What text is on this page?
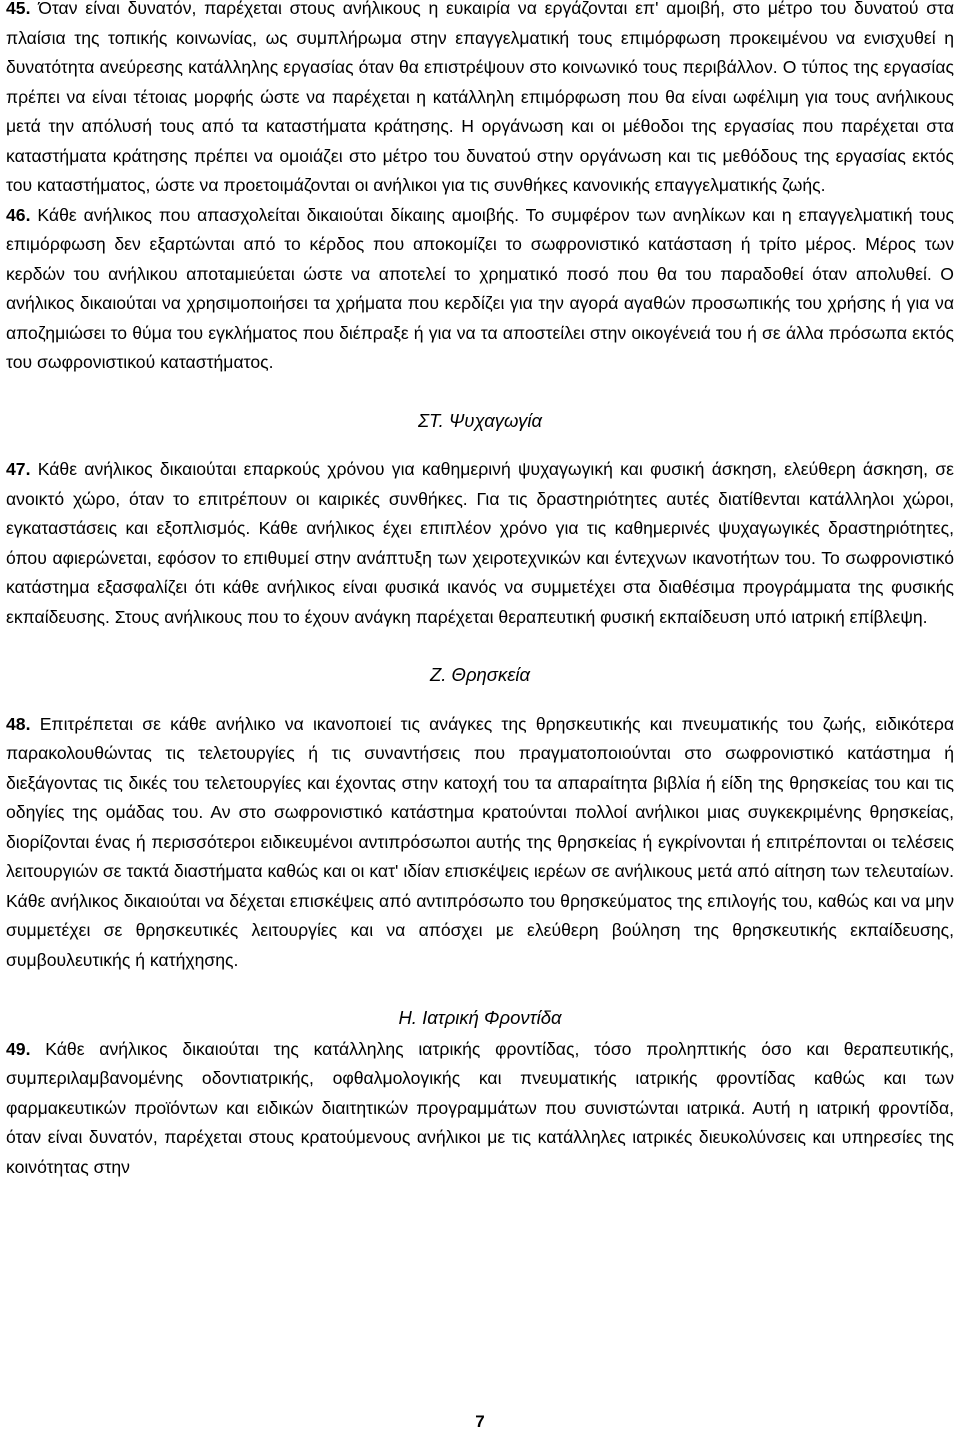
45. Όταν είναι δυνατόν, παρέχεται στους ανήλικους η ευκαιρία να εργάζονται επ' αμοιβή, στο μέτρο του δυνατού στα πλαίσια της τοπικής κοινωνίας, ως συμπλήρωμα στην επαγγελματική τους επιμόρφωση προκειμένου να ενισχυθεί η δυνατότητα ανεύρεσης κατάλληλης εργασίας όταν θα επιστρέψουν στο κοινωνικό τους περιβάλλον. Ο τύπος της εργασίας πρέπει να είναι τέτοιας μορφής ώστε να παρέχεται η κατάλληλη επιμόρφωση που θα είναι ωφέλιμη για τους ανήλικους μετά την απόλυσή τους από τα καταστήματα κράτησης. Η οργάνωση και οι μέθοδοι της εργασίας που παρέχεται στα καταστήματα κράτησης πρέπει να ομοιάζει στο μέτρο του δυνατού στην οργάνωση και τις μεθόδους της εργασίας εκτός του καταστήματος, ώστε να προετοιμάζονται οι ανήλικοι για τις συνθήκες κανονικής επαγγελματικής ζωής.

46. Κάθε ανήλικος που απασχολείται δικαιούται δίκαιης αμοιβής. Το συμφέρον των ανηλίκων και η επαγγελματική τους επιμόρφωση δεν εξαρτώνται από το κέρδος που αποκομίζει το σωφρονιστικό κατάσταση ή τρίτο μέρος. Μέρος των κερδών του ανήλικου αποταμιεύεται ώστε να αποτελεί το χρηματικό ποσό που θα του παραδοθεί όταν απολυθεί. Ο ανήλικος δικαιούται να χρησιμοποιήσει τα χρήματα που κερδίζει για την αγορά αγαθών προσωπικής του χρήσης ή για να αποζημιώσει το θύμα του εγκλήματος που διέπραξε ή για να τα αποστείλει στην οικογένειά του ή σε άλλα πρόσωπα εκτός του σωφρονιστικού καταστήματος.

ΣΤ. Ψυχαγωγία

47. Κάθε ανήλικος δικαιούται επαρκούς χρόνου για καθημερινή ψυχαγωγική και φυσική άσκηση, ελεύθερη άσκηση, σε ανοικτό χώρο, όταν το επιτρέπουν οι καιρικές συνθήκες. Για τις δραστηριότητες αυτές διατίθενται κατάλληλοι χώροι, εγκαταστάσεις και εξοπλισμός. Κάθε ανήλικος έχει επιπλέον χρόνο για τις καθημερινές ψυχαγωγικές δραστηριότητες, όπου αφιερώνεται, εφόσον το επιθυμεί στην ανάπτυξη των χειροτεχνικών και έντεχνων ικανοτήτων του. Το σωφρονιστικό κατάστημα εξασφαλίζει ότι κάθε ανήλικος είναι φυσικά ικανός να συμμετέχει στα διαθέσιμα προγράμματα της φυσικής εκπαίδευσης. Στους ανήλικους που το έχουν ανάγκη παρέχεται θεραπευτική φυσική εκπαίδευση υπό ιατρική επίβλεψη.

Ζ. Θρησκεία

48. Επιτρέπεται σε κάθε ανήλικο να ικανοποιεί τις ανάγκες της θρησκευτικής και πνευματικής του ζωής, ειδικότερα παρακολουθώντας τις τελετουργίες ή τις συναντήσεις που πραγματοποιούνται στο σωφρονιστικό κατάστημα ή διεξάγοντας τις δικές του τελετουργίες και έχοντας στην κατοχή του τα απαραίτητα βιβλία ή είδη της θρησκείας του και τις οδηγίες της ομάδας του. Αν στο σωφρονιστικό κατάστημα κρατούνται πολλοί ανήλικοι μιας συγκεκριμένης θρησκείας, διορίζονται ένας ή περισσότεροι ειδικευμένοι αντιπρόσωποι αυτής της θρησκείας ή εγκρίνονται ή επιτρέπονται οι τελέσεις λειτουργιών σε τακτά διαστήματα καθώς και οι κατ' ιδίαν επισκέψεις ιερέων σε ανήλικους μετά από αίτηση των τελευταίων. Κάθε ανήλικος δικαιούται να δέχεται επισκέψεις από αντιπρόσωπο του θρησκεύματος της επιλογής του, καθώς και να μην συμμετέχει σε θρησκευτικές λειτουργίες και να απόσχει με ελεύθερη βούληση της θρησκευτικής εκπαίδευσης, συμβουλευτικής ή κατήχησης.

Η. Ιατρική Φροντίδα

49. Κάθε ανήλικος δικαιούται της κατάλληλης ιατρικής φροντίδας, τόσο προληπτικής όσο και θεραπευτικής, συμπεριλαμβανομένης οδοντιατρικής, οφθαλμολογικής και πνευματικής ιατρικής φροντίδας καθώς και των φαρμακευτικών προϊόντων και ειδικών διαιτητικών προγραμμάτων που συνιστώνται ιατρικά. Αυτή η ιατρική φροντίδα, όταν είναι δυνατόν, παρέχεται στους κρατούμενους ανήλικοι με τις κατάλληλες ιατρικές διευκολύνσεις και υπηρεσίες της κοινότητας στην

7
